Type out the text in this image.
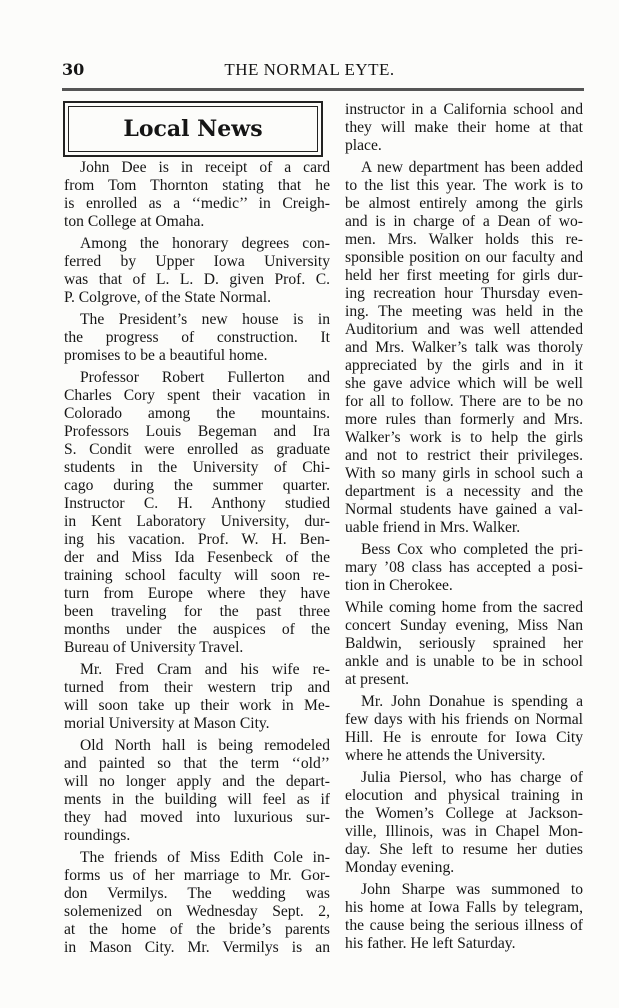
30	THE NORMAL EYTE.
Local News
John Dee is in receipt of a card
from Tom Thornton stating that he
is enrolled as a ‘‘medic’’ in Creigh-
ton College at Omaha.
Among the honorary degrees con-
ferred by Upper Iowa University
was that of L. L. D. given Prof. C.
P. Colgrove, of the State Normal.
The President’s new house is in
the progress of construction. It
promises to be a beautiful home.
Professor Robert Fullerton and
Charles Cory spent their vacation in
Colorado among the mountains.
Professors Louis Begeman and Ira
S. Condit were enrolled as graduate
students in the University of Chi-
cago during the summer quarter.
Instructor C. H. Anthony studied
in Kent Laboratory University, dur-
ing his vacation. Prof. W. H. Ben-
der and Miss Ida Fesenbeck of the
training school faculty will soon re-
turn from Europe where they have
been traveling for the past three
months under the auspices of the
Bureau of University Travel.
Mr. Fred Cram and his wife re-
turned from their western trip and
will soon take up their work in Me-
morial University at Mason City.
Old North hall is being remodeled
and painted so that the term ‘‘old’’
will no longer apply and the depart-
ments in the building will feel as if
they had moved into luxurious sur-
roundings.
The friends of Miss Edith Cole in-
forms us of her marriage to Mr. Gor-
don Vermilys. The wedding was
solemenized on Wednesday Sept. 2,
at the home of the bride’s parents
in Mason City. Mr. Vermilys is an
instructor in a California school and
they will make their home at that
place.
A new department has been added
to the list this year. The work is to
be almost entirely among the girls
and is in charge of a Dean of wo-
men. Mrs. Walker holds this re-
sponsible position on our faculty and
held her first meeting for girls dur-
ing recreation hour Thursday even-
ing. The meeting was held in the
Auditorium and was well attended
and Mrs. Walker’s talk was thoroly
appreciated by the girls and in it
she gave advice which will be well
for all to follow. There are to be no
more rules than formerly and Mrs.
Walker’s work is to help the girls
and not to restrict their privileges.
With so many girls in school such a
department is a necessity and the
Normal students have gained a val-
uable friend in Mrs. Walker.
Bess Cox who completed the pri-
mary ’08 class has accepted a posi-
tion in Cherokee.
While coming home from the sacred
concert Sunday evening, Miss Nan
Baldwin, seriously sprained her
ankle and is unable to be in school
at present.
Mr. John Donahue is spending a
few days with his friends on Normal
Hill. He is enroute for Iowa City
where he attends the University.
Julia Piersol, who has charge of
elocution and physical training in
the Women’s College at Jackson-
ville, Illinois, was in Chapel Mon-
day. She left to resume her duties
Monday evening.
John Sharpe was summoned to
his home at Iowa Falls by telegram,
the cause being the serious illness of
his father. He left Saturday.
